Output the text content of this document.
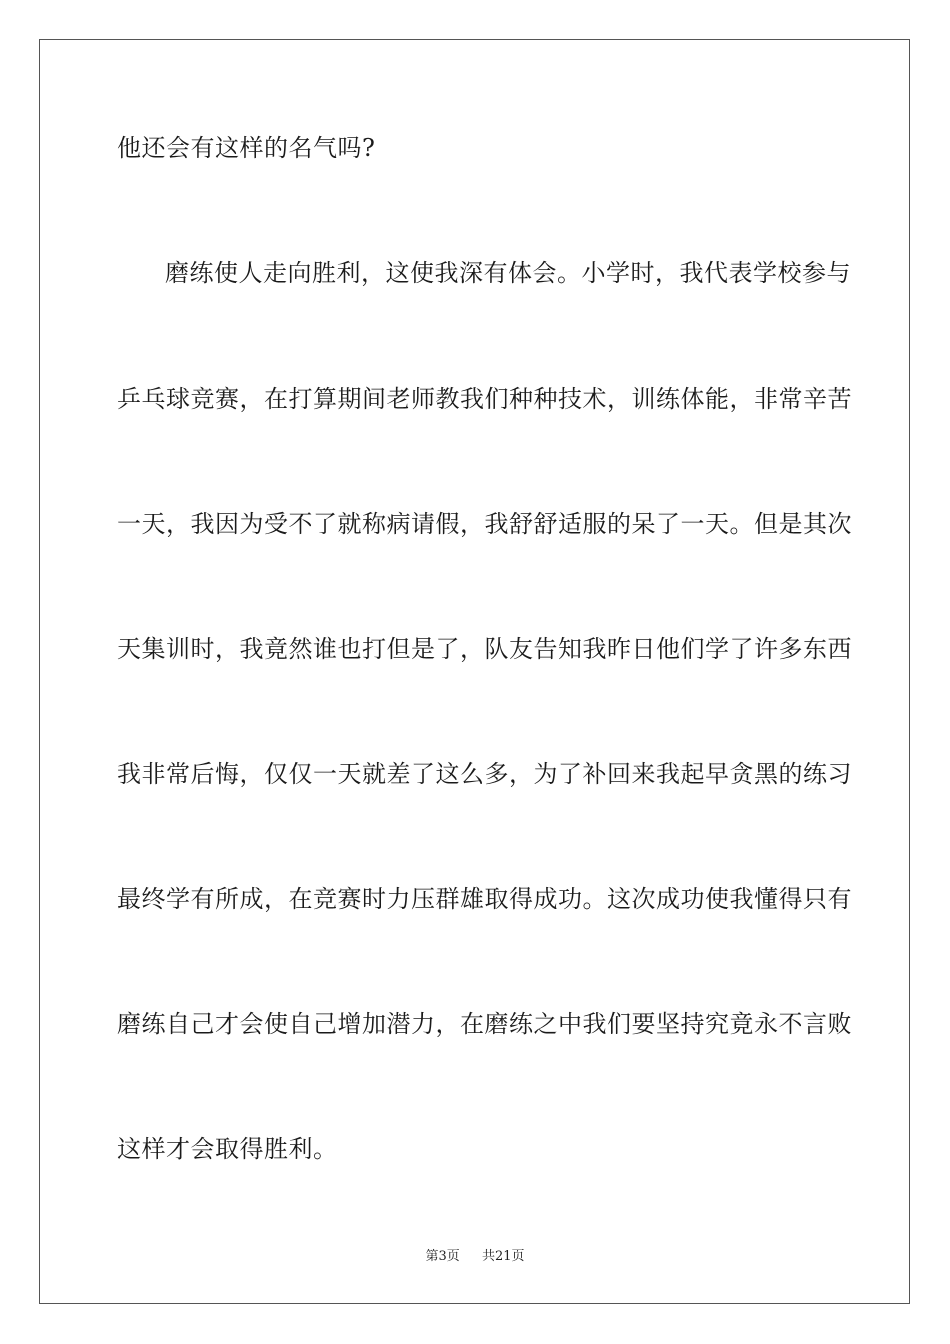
他还会有这样的名气吗?
磨练使人走向胜利，这使我深有体会。小学时，我代表学校参与
乒乓球竞赛，在打算期间老师教我们种种技术，训练体能，非常辛苦
一天，我因为受不了就称病请假，我舒舒适服的呆了一天。但是其次
天集训时，我竟然谁也打但是了，队友告知我昨日他们学了许多东西
我非常后悔，仅仅一天就差了这么多，为了补回来我起早贪黑的练习
最终学有所成，在竞赛时力压群雄取得成功。这次成功使我懂得只有
磨练自己才会使自己增加潜力，在磨练之中我们要坚持究竟永不言败
这样才会取得胜利。
第3页 共21页
